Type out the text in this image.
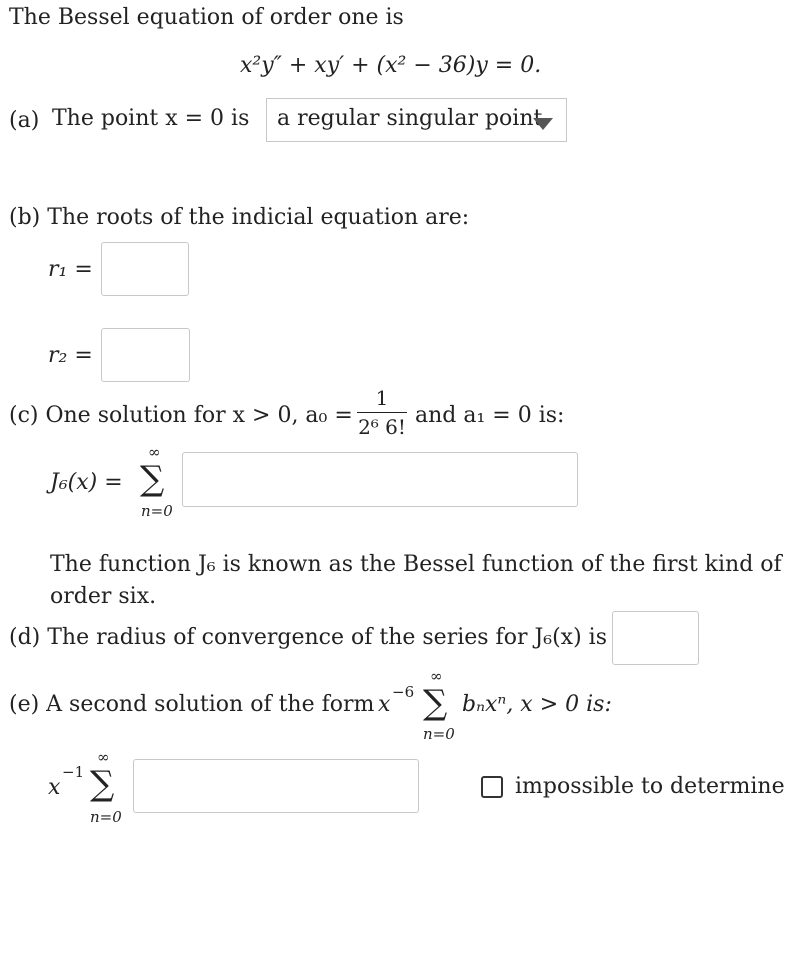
The Bessel equation of order one is
x²y″ + xy′ + (x² − 36)y = 0.
(a) The point x = 0 is	a regular singular point
(b) The roots of the indicial equation are:
r₁ =
r₂ =
(c) One solution for x > 0, a₀ =
1
2⁶ 6! and a₁ = 0 is:
J₆(x) =
∞
∑
n=0
The function J₆ is known as the Bessel function of the first kind of
order six.
(d) The radius of convergence of the series for J₆(x) is
(e) A second solution of the form x −6
∞
∑
n=0
bₙxⁿ, x > 0 is:
x
−1
∞
∑
n=0
impossible to determine
